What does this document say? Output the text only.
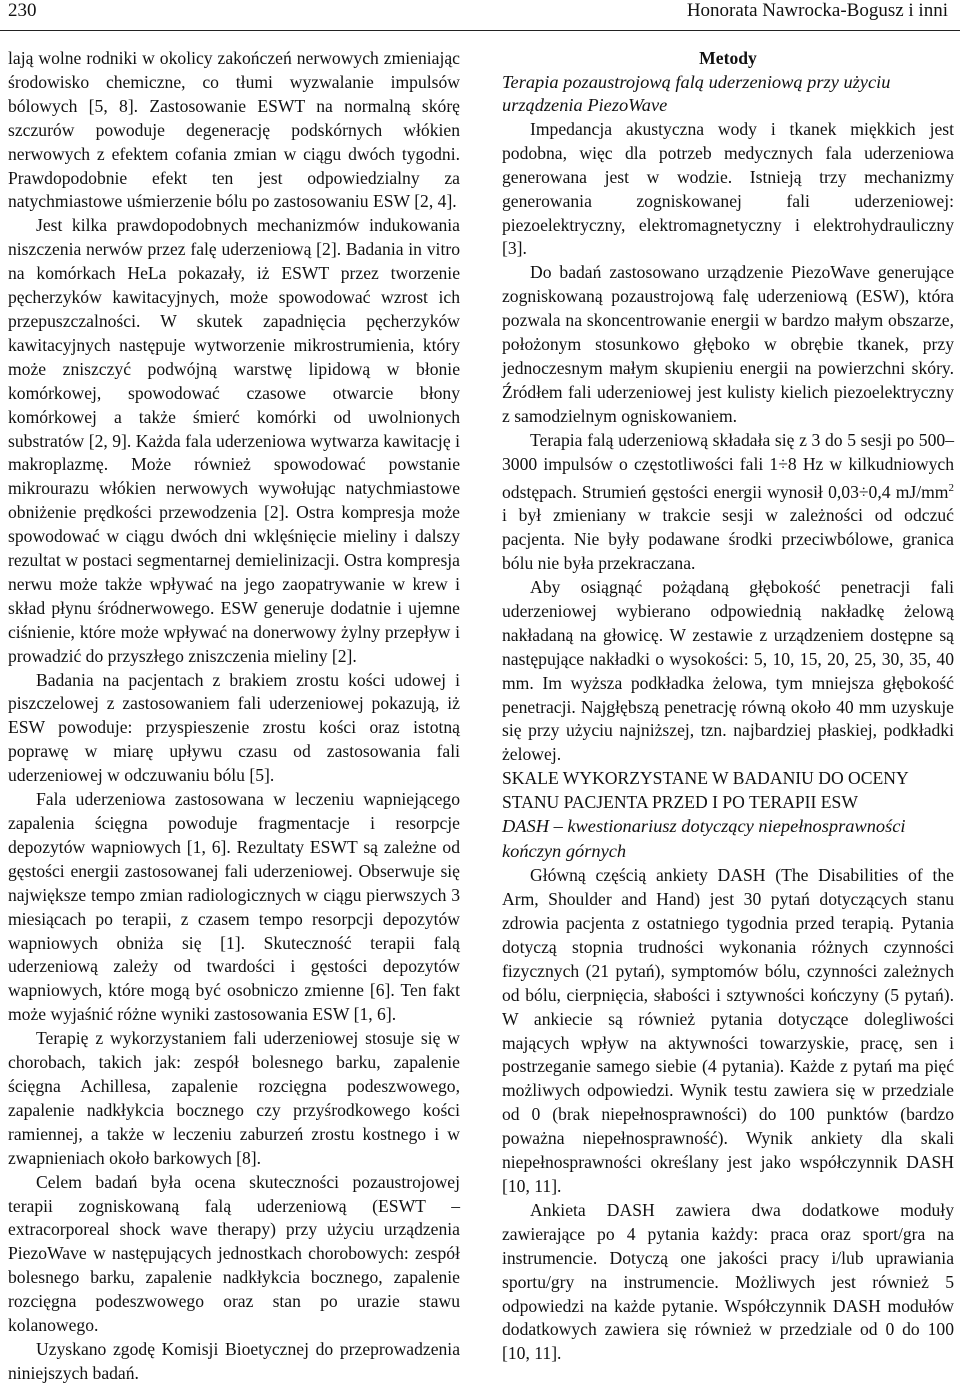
230	Honorata Nawrocka-Bogusz i inni

lają wolne rodniki w okolicy zakończeń nerwowych zmieniając środowisko chemiczne, co tłumi wyzwalanie impulsów bólowych [5, 8]. Zastosowanie ESWT na normalną skórę szczurów powoduje degenerację podskórnych włókien nerwowych z efektem cofania zmian w ciągu dwóch tygodni. Prawdopodobnie efekt ten jest odpowiedzialny za natychmiastowe uśmierzenie bólu po zastosowaniu ESW [2, 4].

Jest kilka prawdopodobnych mechanizmów indukowania niszczenia nerwów przez falę uderzeniową [2]. Badania in vitro na komórkach HeLa pokazały, iż ESWT przez tworzenie pęcherzyków kawitacyjnych, może spowodować wzrost ich przepuszczalności. W skutek zapadnięcia pęcherzyków kawitacyjnych następuje wytworzenie mikrostrumienia, który może zniszczyć podwójną warstwę lipidową w błonie komórkowej, spowodować czasowe otwarcie błony komórkowej a także śmierć komórki od uwolnionych substratów [2, 9]. Każda fala uderzeniowa wytwarza kawitację i makroplazmę. Może również spowodować powstanie mikrourazu włókien nerwowych wywołując natychmiastowe obniżenie prędkości przewodzenia [2]. Ostra kompresja może spowodować w ciągu dwóch dni wklęśnięcie mieliny i dalszy rezultat w postaci segmentarnej demielinizacji. Ostra kompresja nerwu może także wpływać na jego zaopatrywanie w krew i skład płynu śródnerwowego. ESW generuje dodatnie i ujemne ciśnienie, które może wpływać na donerwowy żylny przepływ i prowadzić do przyszłego zniszczenia mieliny [2].

Badania na pacjentach z brakiem zrostu kości udowej i piszczelowej z zastosowaniem fali uderzeniowej pokazują, iż ESW powoduje: przyspieszenie zrostu kości oraz istotną poprawę w miarę upływu czasu od zastosowania fali uderzeniowej w odczuwaniu bólu [5].

Fala uderzeniowa zastosowana w leczeniu wapniejącego zapalenia ścięgna powoduje fragmentacje i resorpcje depozytów wapniowych [1, 6]. Rezultaty ESWT są zależne od gęstości energii zastosowanej fali uderzeniowej. Obserwuje się największe tempo zmian radiologicznych w ciągu pierwszych 3 miesiącach po terapii, z czasem tempo resorpcji depozytów wapniowych obniża się [1]. Skuteczność terapii falą uderzeniową zależy od twardości i gęstości depozytów wapniowych, które mogą być osobniczo zmienne [6]. Ten fakt może wyjaśnić różne wyniki zastosowania ESW [1, 6].

Terapię z wykorzystaniem fali uderzeniowej stosuje się w chorobach, takich jak: zespół bolesnego barku, zapalenie ścięgna Achillesa, zapalenie rozcięgna podeszwowego, zapalenie nadkłykcia bocznego czy przyśrodkowego kości ramiennej, a także w leczeniu zaburzeń zrostu kostnego i w zwapnieniach około barkowych [8].

Celem badań była ocena skuteczności pozaustrojowej terapii zogniskowaną falą uderzeniową (ESWT – extracorporeal shock wave therapy) przy użyciu urządzenia PiezoWave w następujących jednostkach chorobowych: zespół bolesnego barku, zapalenie nadkłykcia bocznego, zapalenie rozcięgna podeszwowego oraz stan po urazie stawu kolanowego.

Uzyskano zgodę Komisji Bioetycznej do przeprowadzenia niniejszych badań.

Metody

Terapia pozaustrojową falą uderzeniową przy użyciu urządzenia PiezoWave

Impedancja akustyczna wody i tkanek miękkich jest podobna, więc dla potrzeb medycznych fala uderzeniowa generowana jest w wodzie. Istnieją trzy mechanizmy generowania zogniskowanej fali uderzeniowej: piezoelektryczny, elektromagnetyczny i elektrohydrauliczny [3].

Do badań zastosowano urządzenie PiezoWave generujące zogniskowaną pozaustrojową falę uderzeniową (ESW), która pozwala na skoncentrowanie energii w bardzo małym obszarze, położonym stosunkowo głęboko w obrębie tkanek, przy jednoczesnym małym skupieniu energii na powierzchni skóry. Źródłem fali uderzeniowej jest kulisty kielich piezoelektryczny z samodzielnym ogniskowaniem.

Terapia falą uderzeniową składała się z 3 do 5 sesji po 500–3000 impulsów o częstotliwości fali 1÷8 Hz w kilkudniowych odstępach. Strumień gęstości energii wynosił 0,03÷0,4 $mJ/mm^2$ i był zmieniany w trakcie sesji w zależności od odczuć pacjenta. Nie były podawane środki przeciwbólowe, granica bólu nie była przekraczana.

Aby osiągnąć pożądaną głębokość penetracji fali uderzeniowej wybierano odpowiednią nakładkę żelową nakładaną na głowicę. W zestawie z urządzeniem dostępne są następujące nakładki o wysokości: 5, 10, 15, 20, 25, 30, 35, 40 mm. Im wyższa podkładka żelowa, tym mniejsza głębokość penetracji. Najgłębszą penetrację równą około 40 mm uzyskuje się przy użyciu najniższej, tzn. najbardziej płaskiej, podkładki żelowej.

SKALE WYKORZYSTANE W BADANIU DO OCENY STANU PACJENTA PRZED I PO TERAPII ESW

DASH – kwestionariusz dotyczący niepełnosprawności kończyn górnych

Główną częścią ankiety DASH (The Disabilities of the Arm, Shoulder and Hand) jest 30 pytań dotyczących stanu zdrowia pacjenta z ostatniego tygodnia przed terapią. Pytania dotyczą stopnia trudności wykonania różnych czynności fizycznych (21 pytań), symptomów bólu, czynności zależnych od bólu, cierpnięcia, słabości i sztywności kończyny (5 pytań). W ankiecie są również pytania dotyczące dolegliwości mających wpływ na aktywności towarzyskie, pracę, sen i postrzeganie samego siebie (4 pytania). Każde z pytań ma pięć możliwych odpowiedzi. Wynik testu zawiera się w przedziale od 0 (brak niepełnosprawności) do 100 punktów (bardzo poważna niepełnosprawność). Wynik ankiety dla skali niepełnosprawności określany jest jako współczynnik DASH [10, 11].

Ankieta DASH zawiera dwa dodatkowe moduły zawierające po 4 pytania każdy: praca oraz sport/gra na instrumencie. Dotyczą one jakości pracy i/lub uprawiania sportu/gry na instrumencie. Możliwych jest również 5 odpowiedzi na każde pytanie. Współczynnik DASH modułów dodatkowych zawiera się również w przedziale od 0 do 100 [10, 11].
